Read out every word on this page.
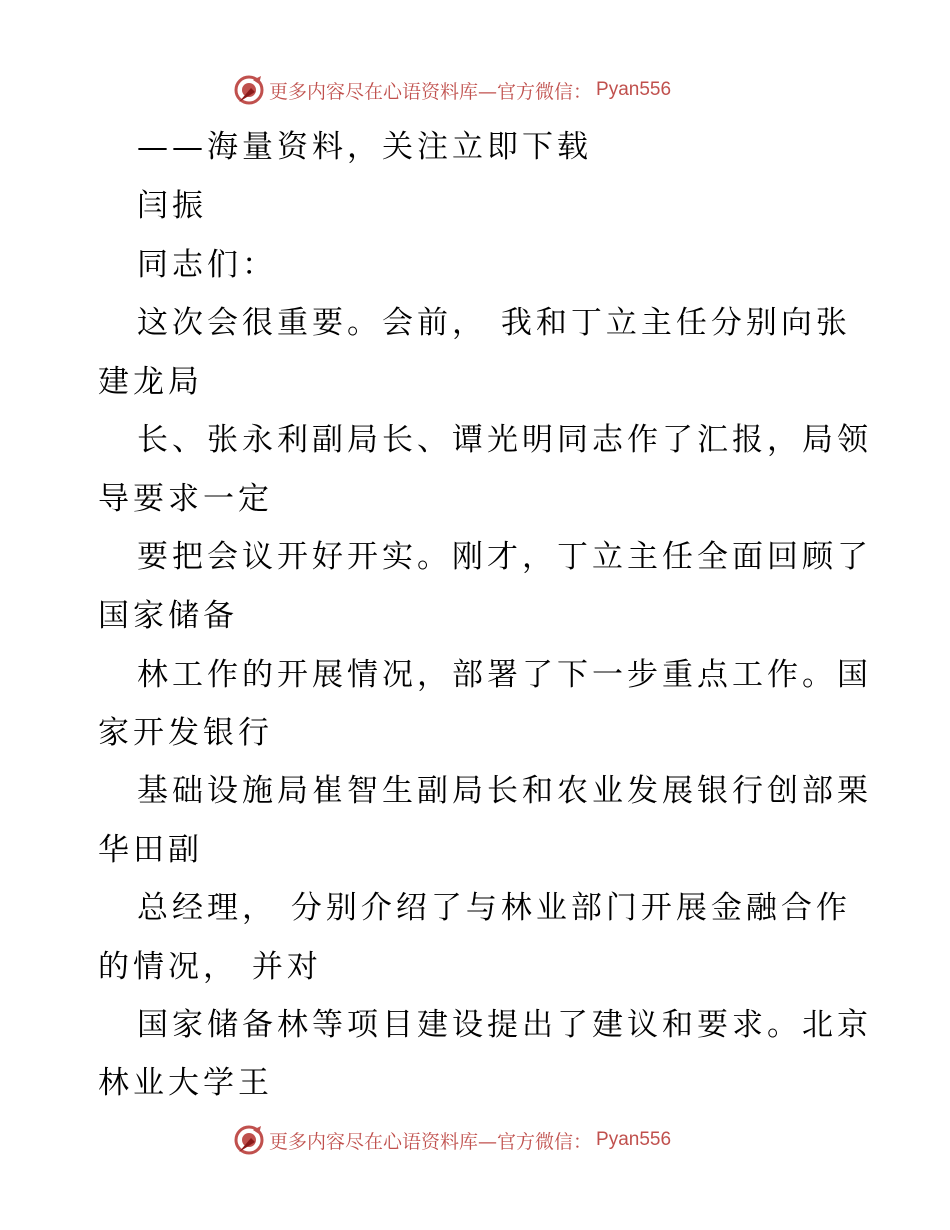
更多内容尽在心语资料库—官方微信： Pyan556
——海量资料，关注立即下载
闫振
同志们：
这次会很重要。会前， 我和丁立主任分别向张
建龙局
长、张永利副局长、谭光明同志作了汇报，局领
导要求一定
要把会议开好开实。刚才，丁立主任全面回顾了
国家储备
林工作的开展情况，部署了下一步重点工作。国
家开发银行
基础设施局崔智生副局长和农业发展银行创部栗
华田副
总经理， 分别介绍了与林业部门开展金融合作
的情况， 并对
国家储备林等项目建设提出了建议和要求。北京
林业大学王
更多内容尽在心语资料库—官方微信： Pyan556
